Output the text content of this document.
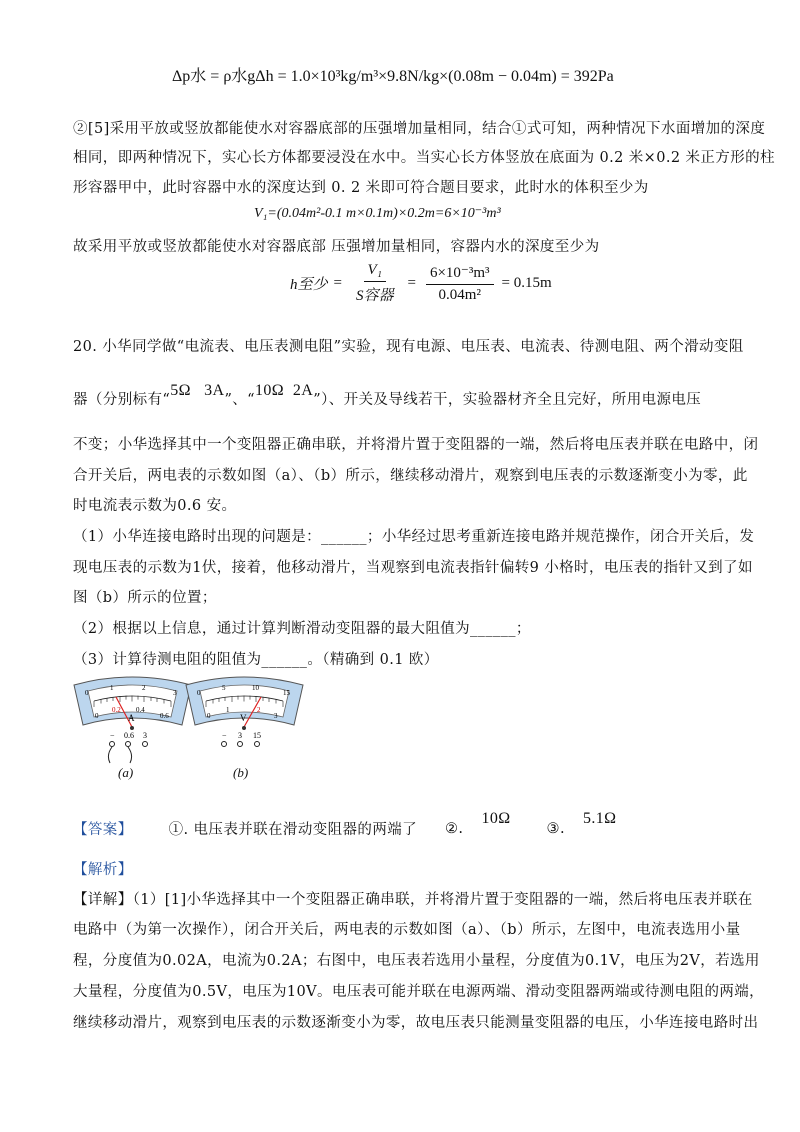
Δp水 = ρ水gΔh = 1.0×10³kg/m³×9.8N/kg×(0.08m − 0.04m) = 392Pa
②[5]采用平放或竖放都能使水对容器底部的压强增加量相同，结合①式可知，两种情况下水面增加的深度
相同，即两种情况下，实心长方体都要浸没在水中。当实心长方体竖放在底面为 0.2 米×0.2 米正方形的柱
形容器甲中，此时容器中水的深度达到 0. 2 米即可符合题目要求，此时水的体积至少为
V₁=(0.04m²-0.1 m×0.1m)×0.2m=6×10⁻³m³
故采用平放或竖放都能使水对容器底部 压强增加量相同，容器内水的深度至少为
h至少 = $\frac{\text{V₁}}{\text{S容器}} = \frac{\text{6×10⁻³m³}}{\text{0.04m²}} = 0.15m$
20. 小华同学做“电流表、电压表测电阻”实验，现有电源、电压表、电流表、待测电阻、两个滑动变阻
器（分别标有“
5Ω   3A
”、“
10Ω  2A
”）、开关及导线若干，实验器材齐全且完好，所用电源电压
不变；小华选择其中一个变阻器正确串联，并将滑片置于变阻器的一端，然后将电压表并联在电路中，闭
合开关后，两电表的示数如图（a）、（b）所示，继续移动滑片，观察到电压表的示数逐渐变小为零，此
时电流表示数为0.6 安。
（1）小华连接电路时出现的问题是：______；小华经过思考重新连接电路并规范操作，闭合开关后，发
现电压表的示数为1伏，接着，他移动滑片，当观察到电流表指针偏转9 小格时，电压表的指针又到了如
图（b）所示的位置；
（2）根据以上信息，通过计算判断滑动变阻器的最大阻值为______；
（3）计算待测电阻的阻值为______。（精确到 0.1 欧）
0
1	2
3
0
0.2 0.4
0.6
A
− 0.6 3
(a)
0
5	10
15
0
1	2
3
V
− 3 15
(b)
【答案】 ①. 电压表并联在滑动变阻器的两端了 ②.
10Ω
③.
5.1Ω
【解析】
【详解】（1）[1]小华选择其中一个变阻器正确串联，并将滑片置于变阻器的一端，然后将电压表并联在
电路中（为第一次操作），闭合开关后，两电表的示数如图（a）、（b）所示，左图中，电流表选用小量
程，分度值为0.02A，电流为0.2A；右图中，电压表若选用小量程，分度值为0.1V，电压为2V，若选用
大量程，分度值为0.5V，电压为10V。电压表可能并联在电源两端、滑动变阻器两端或待测电阻的两端，
继续移动滑片，观察到电压表的示数逐渐变小为零，故电压表只能测量变阻器的电压，小华连接电路时出
